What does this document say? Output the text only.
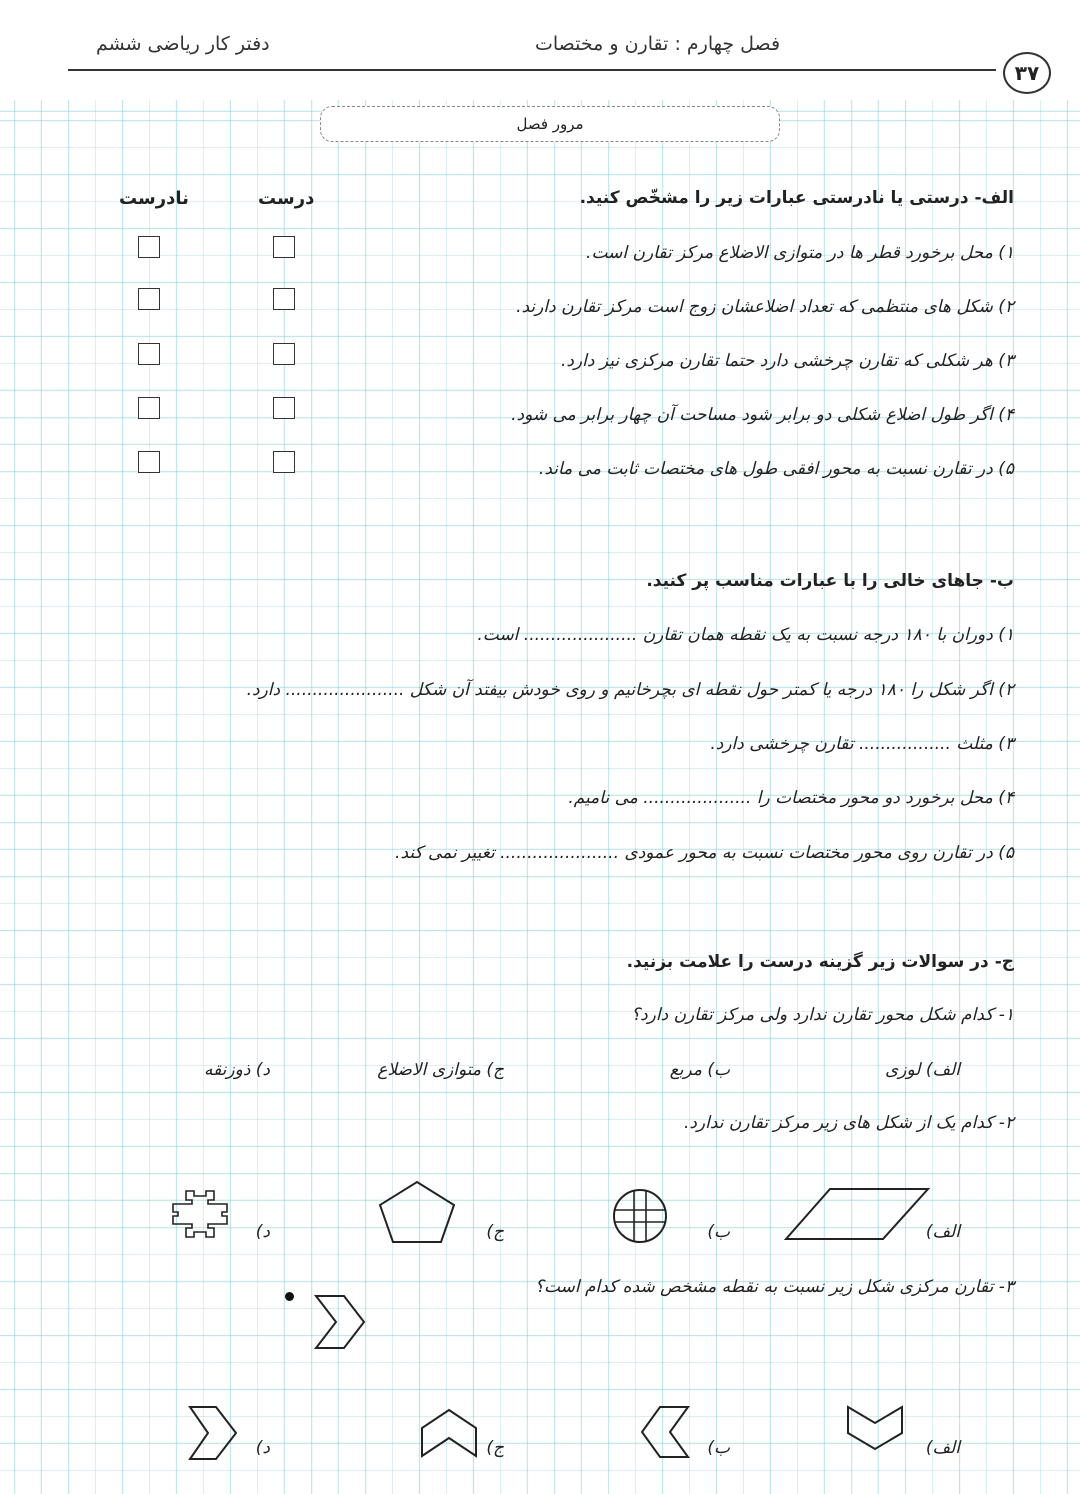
دفتر کار ریاضی ششم	فصل چهارم : تقارن و مختصات
۳۷
مرور فصل
الف- درستی یا نادرستی عبارات زیر را مشخّص کنید.
درست
نادرست
۱) محل برخورد قطر ها در متوازی الاضلاع مرکز تقارن است.
۲) شکل های منتظمی که تعداد اضلاعشان زوج است مرکز تقارن دارند.
۳) هر شکلی که تقارن چرخشی دارد حتما تقارن مرکزی نیز دارد.
۴) اگر طول اضلاع شکلی دو برابر شود مساحت آن چهار برابر می شود.
۵) در تقارن نسبت به محور افقی طول های مختصات ثابت می ماند.
ب- جاهای خالی را با عبارات مناسب پر کنید.
۱) دوران با ۱۸۰ درجه نسبت به یک نقطه همان تقارن ..................... است.
۲) اگر شکل را ۱۸۰ درجه یا کمتر حول نقطه ای بچرخانیم و روی خودش بیفتد آن شکل ...................... دارد.
۳) مثلث ................. تقارن چرخشی دارد.
۴) محل برخورد دو محور مختصات را .................... می نامیم.
۵) در تقارن روی محور مختصات نسبت به محور عمودی ...................... تغییر نمی کند.
ج- در سوالات زیر گزینه درست را علامت بزنید.
۱- کدام شکل محور تقارن ندارد ولی مرکز تقارن دارد؟
الف) لوزی
ب) مربع
ج) متوازی الاضلاع
د) ذوزنقه
۲- کدام یک از شکل های زیر مرکز تقارن ندارد.
الف)
ب)
ج)
د)
۳- تقارن مرکزی شکل زیر نسبت به نقطه مشخص شده کدام است؟
الف)
ب)
ج)
د)
